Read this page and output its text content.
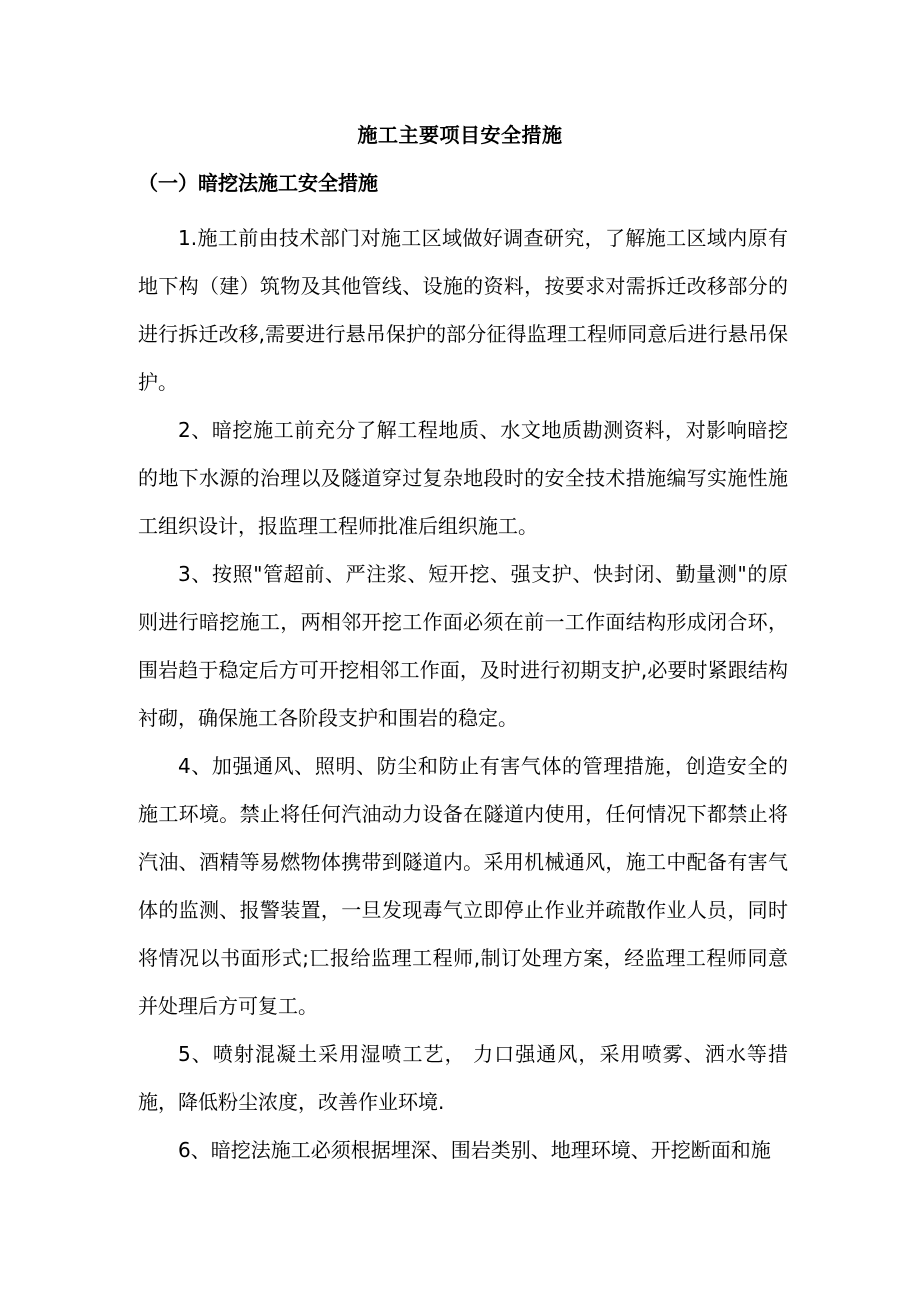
施工主要项目安全措施
（一）暗挖法施工安全措施

1.施工前由技术部门对施工区域做好调查研究，了解施工区域内原有地下构（建）筑物及其他管线、设施的资料，按要求对需拆迁改移部分的进行拆迁改移,需要进行悬吊保护的部分征得监理工程师同意后进行悬吊保护。

2、暗挖施工前充分了解工程地质、水文地质勘测资料，对影响暗挖的地下水源的治理以及隧道穿过复杂地段时的安全技术措施编写实施性施工组织设计，报监理工程师批准后组织施工。

3、按照"管超前、严注浆、短开挖、强支护、快封闭、勤量测"的原则进行暗挖施工，两相邻开挖工作面必须在前一工作面结构形成闭合环，围岩趋于稳定后方可开挖相邻工作面，及时进行初期支护,必要时紧跟结构衬砌，确保施工各阶段支护和围岩的稳定。

4、加强通风、照明、防尘和防止有害气体的管理措施，创造安全的施工环境。禁止将任何汽油动力设备在隧道内使用，任何情况下都禁止将汽油、酒精等易燃物体携带到隧道内。采用机械通风，施工中配备有害气体的监测、报警装置，一旦发现毒气立即停止作业并疏散作业人员，同时将情况以书面形式;匸报给监理工程师,制订处理方案，经监理工程师同意并处理后方可复工。

5、喷射混凝土采用湿喷工艺， 力口强通风，采用喷雾、洒水等措施，降低粉尘浓度，改善作业环境.

6、暗挖法施工必须根据埋深、围岩类别、地理环境、开挖断面和施
